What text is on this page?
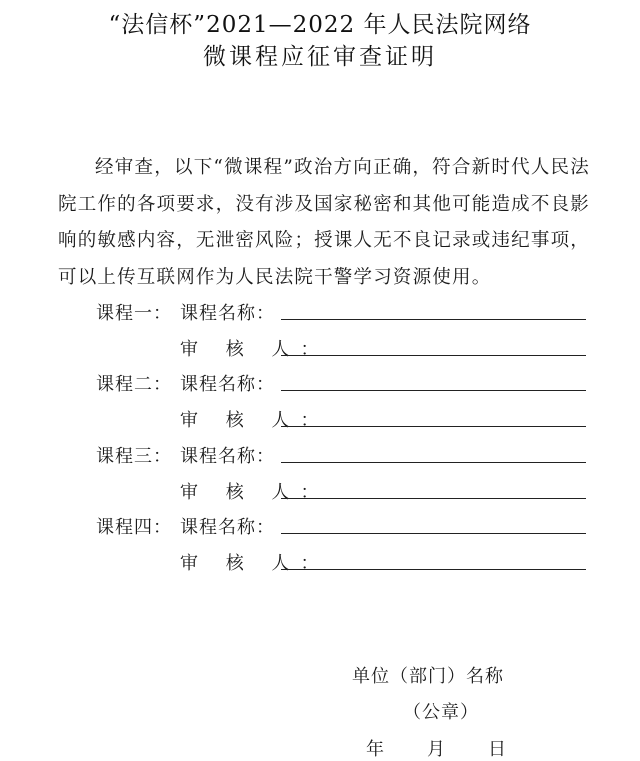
“法信杯”2021—2022 年人民法院网络
微课程应征审查证明
经审查，以下“微课程”政治方向正确，符合新时代人民法院工作的各项要求，没有涉及国家秘密和其他可能造成不良影响的敏感内容，无泄密风险；授课人无不良记录或违纪事项，可以上传互联网作为人民法院干警学习资源使用。
课程一： 课程名称：
审 核 人：
课程二： 课程名称：
审 核 人：
课程三： 课程名称：
审 核 人：
课程四： 课程名称：
审 核 人：
单位（部门）名称
（公章）
年 月 日
